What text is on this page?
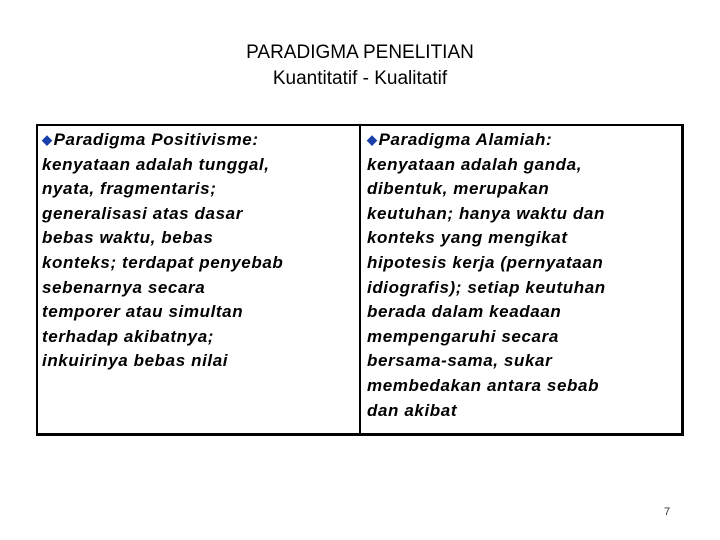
PARADIGMA PENELITIAN
Kuantitatif - Kualitatif
◆Paradigma Positivisme:
kenyataan adalah tunggal,
nyata, fragmentaris;
generalisasi atas dasar
bebas waktu, bebas
konteks; terdapat penyebab
sebenarnya secara
temporer atau simultan
terhadap akibatnya;
inkuirinya bebas nilai
◆Paradigma Alamiah:
kenyataan adalah ganda,
dibentuk, merupakan
keutuhan; hanya waktu dan
konteks yang mengikat
hipotesis kerja (pernyataan
idiografis); setiap keutuhan
berada dalam keadaan
mempengaruhi secara
bersama-sama, sukar
membedakan antara sebab
dan akibat
7
